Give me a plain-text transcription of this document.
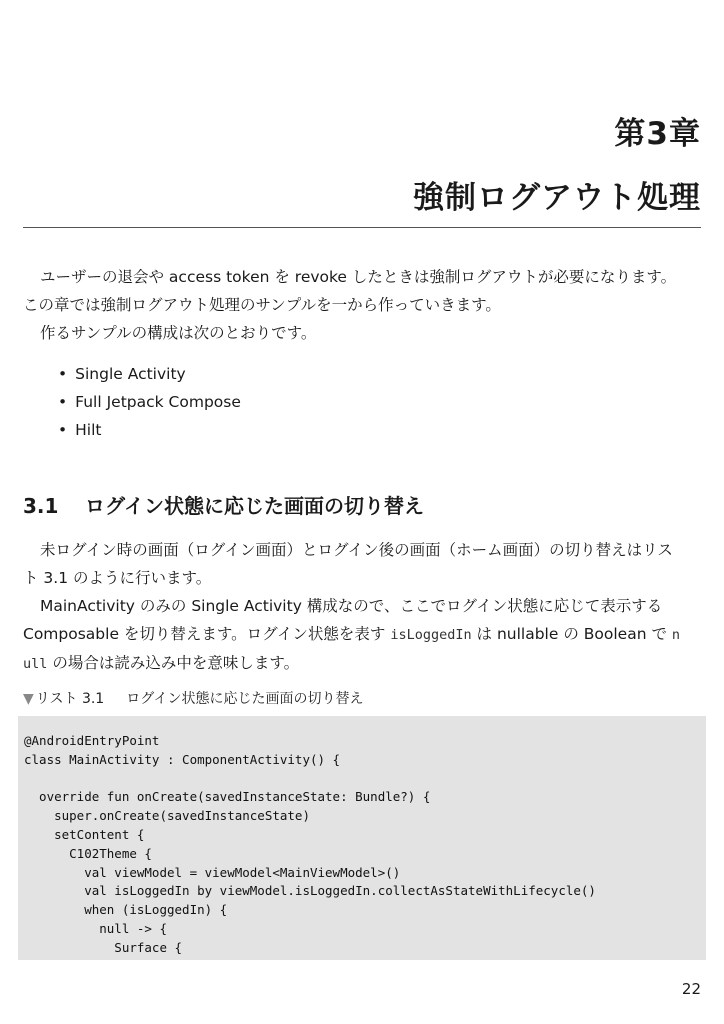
第3章
強制ログアウト処理

ユーザーの退会や access token を revoke したときは強制ログアウトが必要になります。
この章では強制ログアウト処理のサンプルを一から作っていきます。
作るサンプルの構成は次のとおりです。

• Single Activity
• Full Jetpack Compose
• Hilt
3.1 ログイン状態に応じた画面の切り替え

未ログイン時の画面（ログイン画面）とログイン後の画面（ホーム画面）の切り替えはリス
ト 3.1 のように行います。
MainActivity のみの Single Activity 構成なので、ここでログイン状態に応じて表示する
Composable を切り替えます。ログイン状態を表す isLoggedIn は nullable の Boolean で n
ull の場合は読み込み中を意味します。

▼ リスト 3.1 ログイン状態に応じた画面の切り替え
@AndroidEntryPoint
class MainActivity : ComponentActivity() {

override fun onCreate(savedInstanceState: Bundle?) {
super.onCreate(savedInstanceState)
setContent {
C102Theme {
val viewModel = viewModel<MainViewModel>()
val isLoggedIn by viewModel.isLoggedIn.collectAsStateWithLifecycle()
when (isLoggedIn) {
null -> {
Surface {
22
